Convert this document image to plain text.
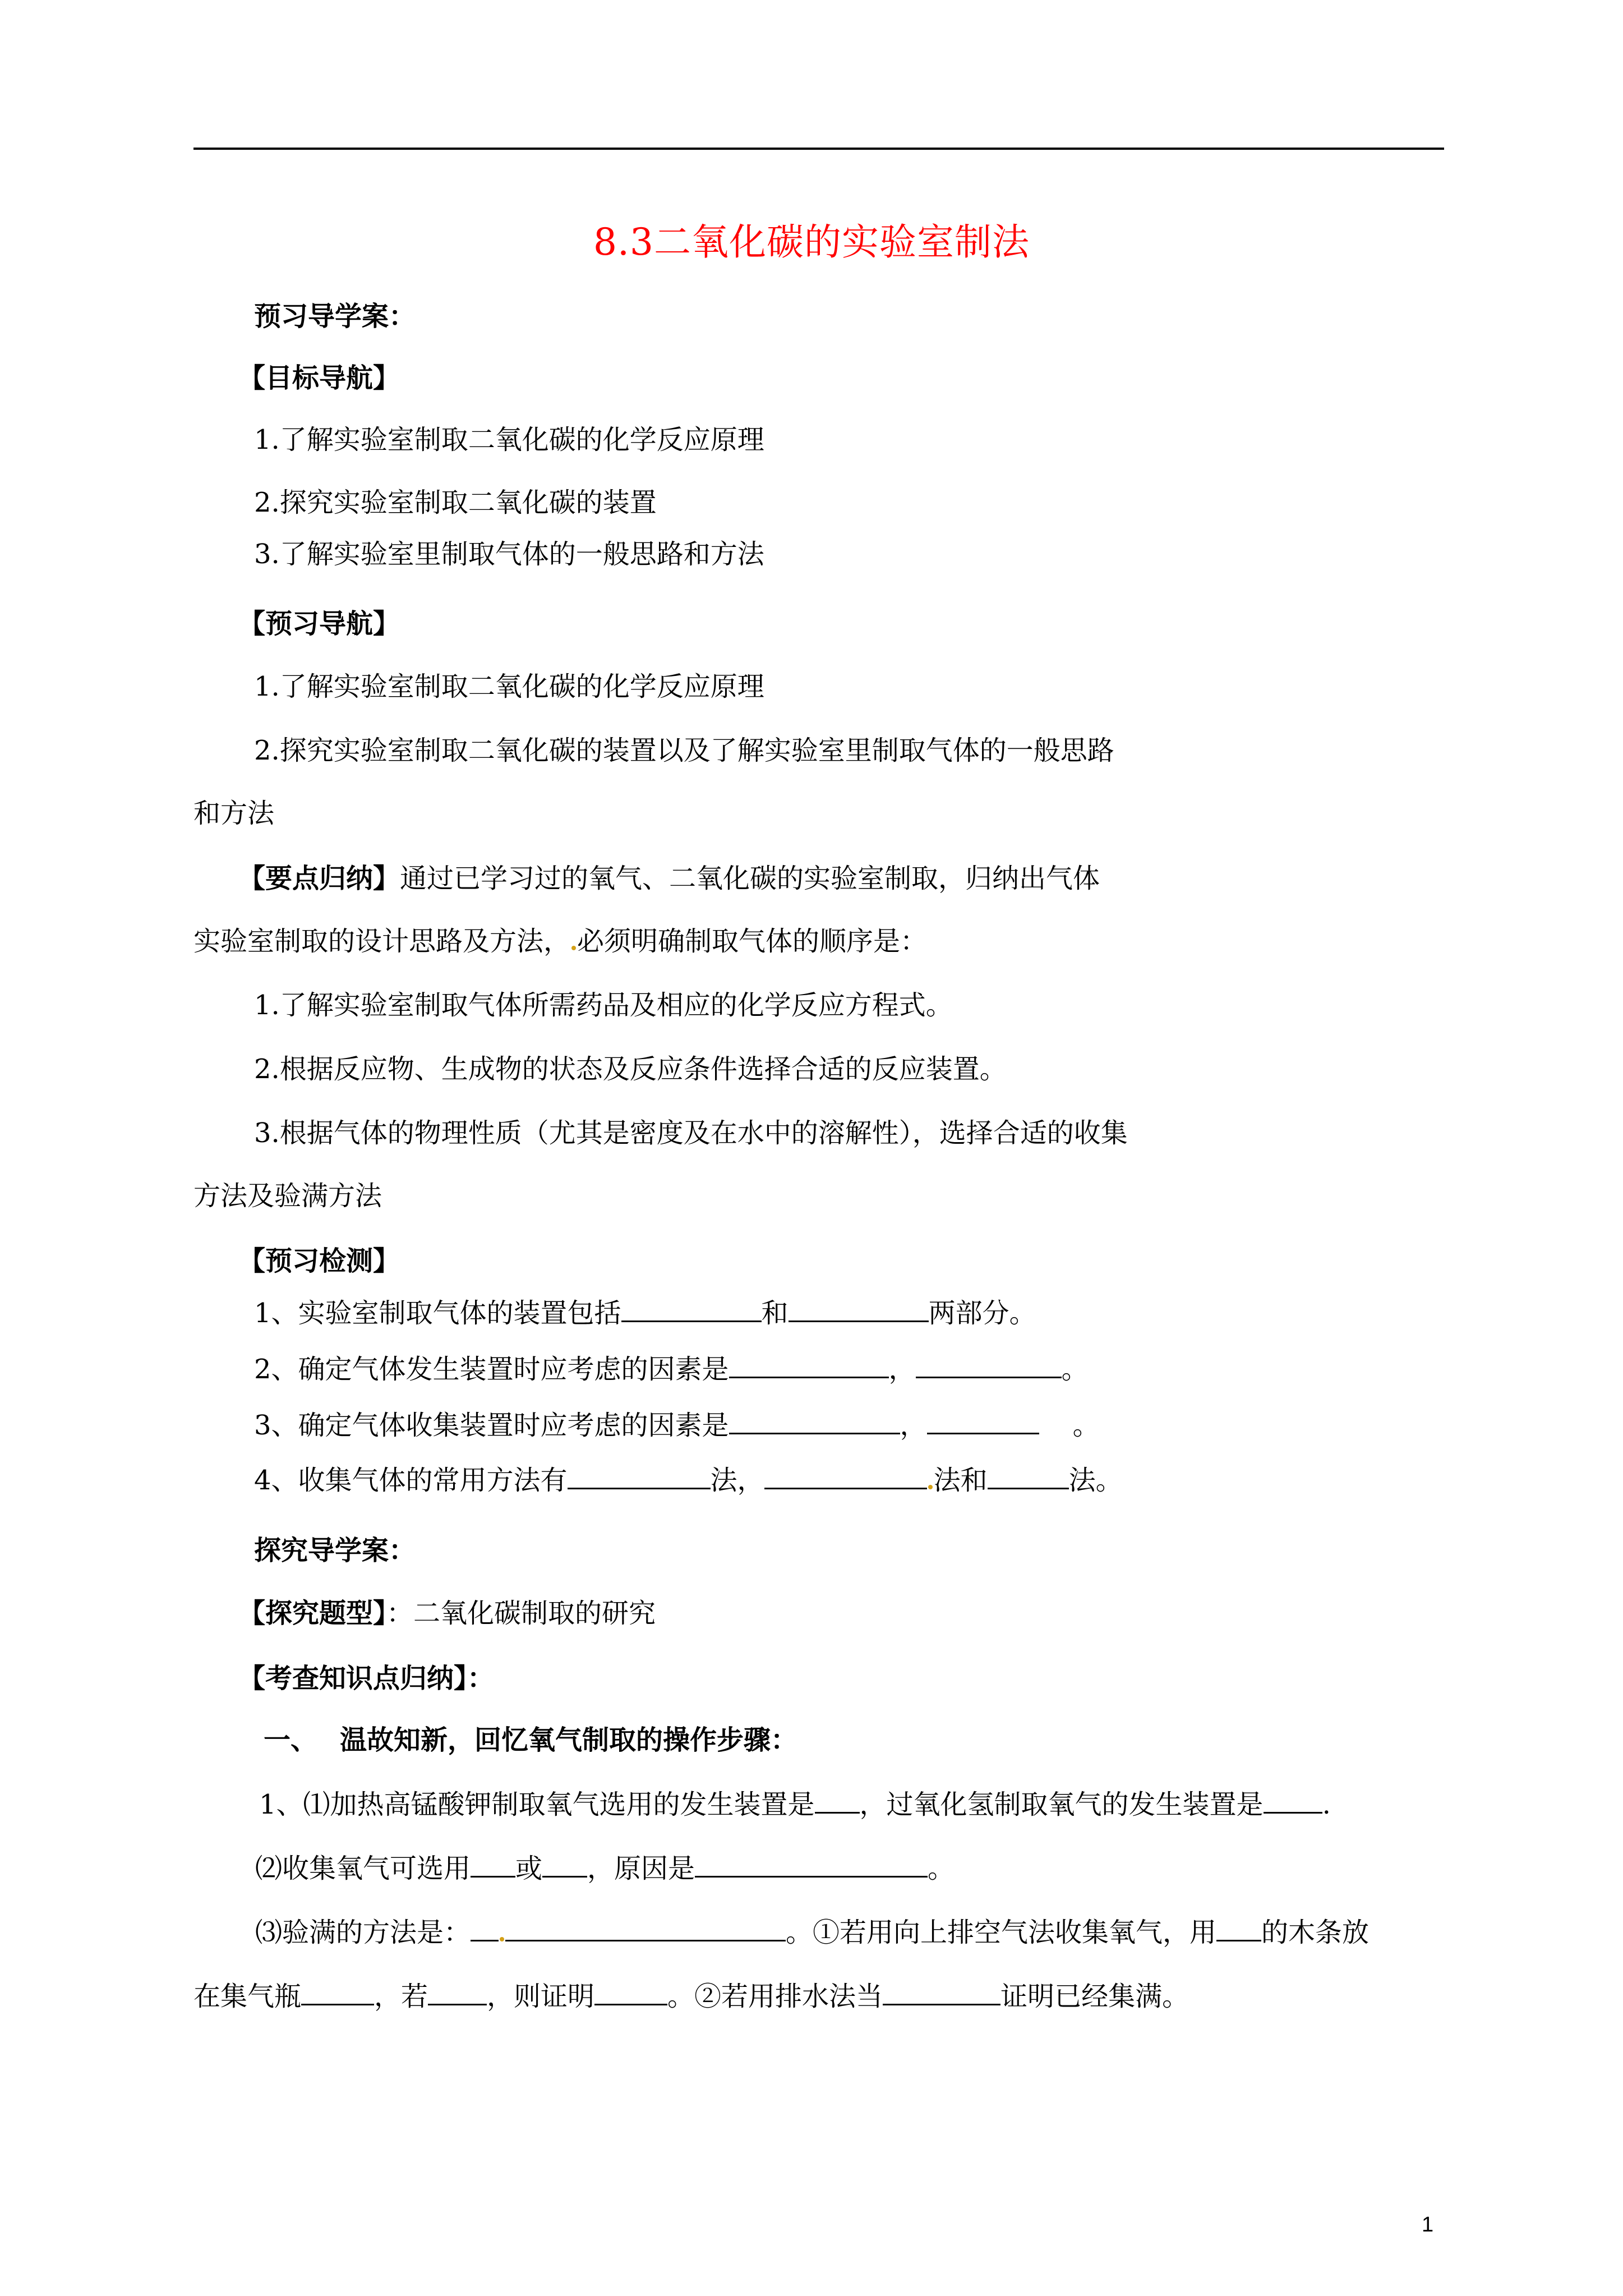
8.3二氧化碳的实验室制法
预习导学案：
【目标导航】
1.了解实验室制取二氧化碳的化学反应原理
2.探究实验室制取二氧化碳的装置
3.了解实验室里制取气体的一般思路和方法
【预习导航】
1.了解实验室制取二氧化碳的化学反应原理
2.探究实验室制取二氧化碳的装置以及了解实验室里制取气体的一般思路
和方法
【要点归纳】通过已学习过的氧气、二氧化碳的实验室制取，归纳出气体
实验室制取的设计思路及方法， 必须明确制取气体的顺序是：
1.了解实验室制取气体所需药品及相应的化学反应方程式。
2.根据反应物、生成物的状态及反应条件选择合适的反应装置。
3.根据气体的物理性质（尤其是密度及在水中的溶解性），选择合适的收集
方法及验满方法
【预习检测】
1、实验室制取气体的装置包括	和	两部分。
2、确定气体发生装置时应考虑的因素是	，	。
3、确定气体收集装置时应考虑的因素是	，	。
4、收集气体的常用方法有	法，	法和	法。
探究导学案：
【探究题型】：二氧化碳制取的研究
【考查知识点归纳】：
一、 温故知新，回忆氧气制取的操作步骤：
1、⑴加热高锰酸钾制取氧气选用的发生装置是 ，过氧化氢制取氧气的发生装置是 .
⑵收集氧气可选用 或 ，原因是	。
⑶验满的方法是：	。①若用向上排空气法收集氧气，用 的木条放
在集气瓶	，若 ，则证明	。②若用排水法当	证明已经集满。
1
